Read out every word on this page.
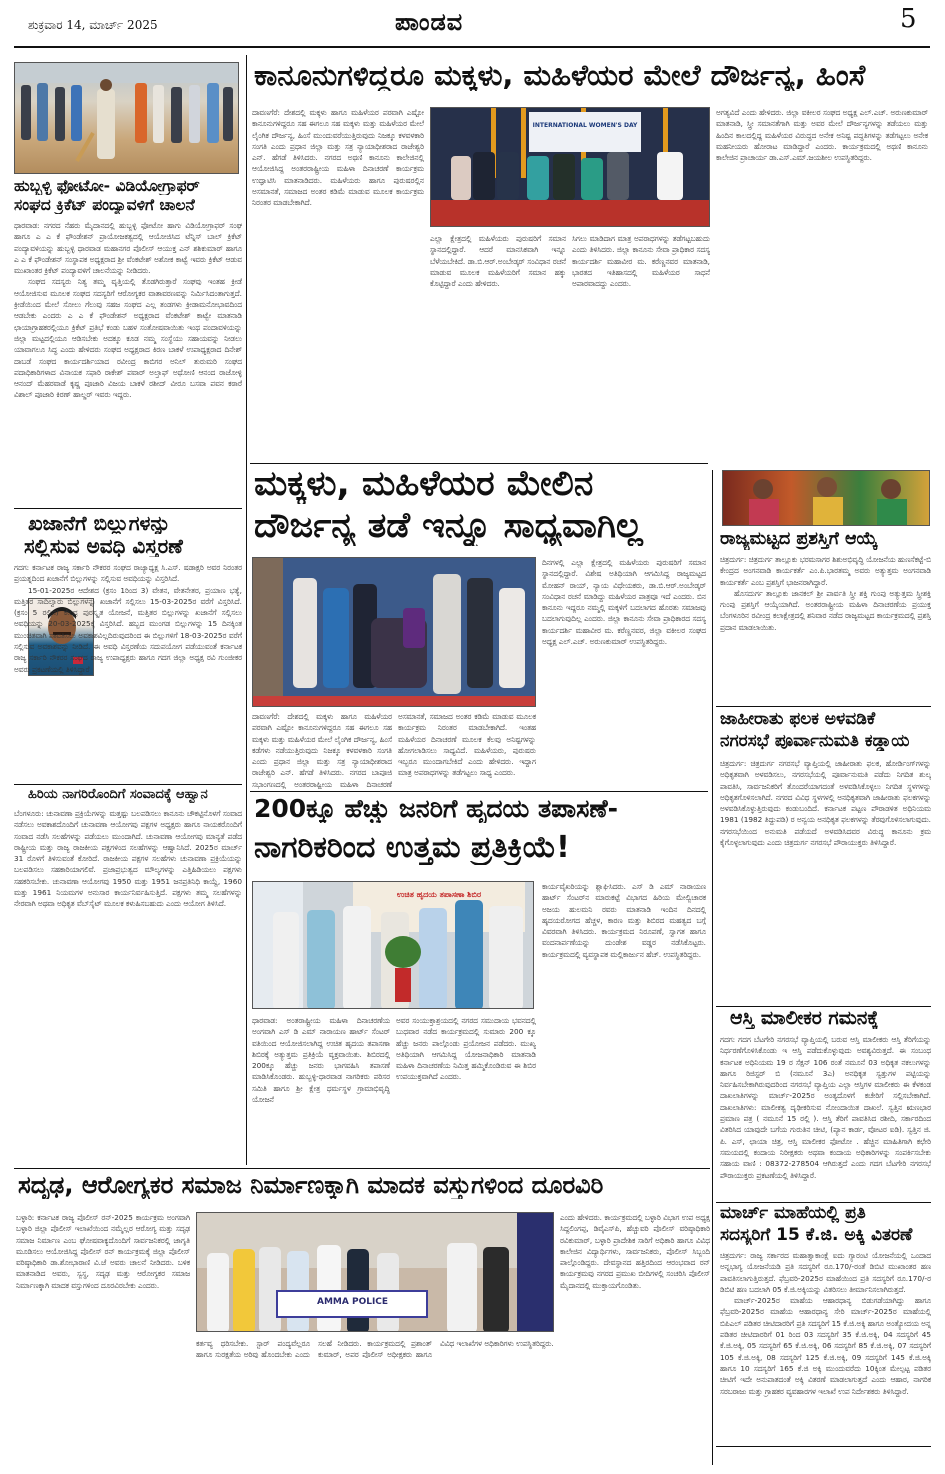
ಶುಕ್ರವಾರ 14, ಮಾರ್ಚ್ 2025	ಪಾಂಡವ	5
ಹುಬ್ಬಳ್ಳಿ ಫೋಟೋ- ವಿಡಿಯೋಗ್ರಾಫರ್
ಸಂಘದ ಕ್ರಿಕೆಟ್ ಪಂದ್ಯಾವಳಿಗೆ ಚಾಲನೆ

ಧಾರವಾಡ: ನಗರದ ನೆಹರು ಮೈದಾನದಲ್ಲಿ ಹುಬ್ಬಳ್ಳಿ ಫೋಟೋ ಹಾಗು ವಿಡಿಯೋಗ್ರಾಫರ್ ಸಂಘ ಹಾಗೂ ಎ ಎ ಕೆ ಫೌಂಡೇಶನ್ ಪ್ರಾಯೋಜಕತ್ವದಲ್ಲಿ ಆಯೋಜಿಸಿದ ಟೆನ್ನಿಸ್ ಬಾಲ್ ಕ್ರಿಕೆಟ್ ಪಂದ್ಯಾವಳಿಯನ್ನು ಹುಬ್ಬಳ್ಳಿ ಧಾರವಾಡ ಮಹಾನಗರ ಪೊಲೀಸ್ ಆಯುಕ್ತ ಎನ್ ಶಶಿಕುಮಾರ್ ಹಾಗೂ ಎ ಎ ಕೆ ಫೌಂಡೇಶನ್ ಸಂಸ್ಥಾಪಕ ಅಧ್ಯಕ್ಷರಾದ ಶ್ರೀ ವೆಂಕಟೇಶ್ ಅಶೋಕ ಕಾಟ್ವೆ ಇವರು ಕ್ರಿಕೆಟ್ ಆಡುವ ಮುಖಾಂತರ ಕ್ರಿಕೆಟ್ ಪಂದ್ಯಾವಳಿಗೆ ಚಾಲನೆಯನ್ನು ನೀಡಿದರು.

ಸಂಘದ ಸದಸ್ಯರು ನಿತ್ಯ ತಮ್ಮ ವೃತ್ತಿಯಲ್ಲಿ ತೊಡಗಿರುತ್ತಾರೆ ಸಂಘವು ಇಂತಹ ಕ್ರೀಡೆ ಆಯೋಜಿಸುವ ಮೂಲಕ ಸಂಘದ ಸದಸ್ಯರಿಗೆ ಆರೋಗ್ಯಕರ ವಾತಾವರಣವನ್ನು ನಿರ್ಮಿಸಿದಂತಾಗುತ್ತದೆ. ಕ್ರೀಡೆಯಿಂದ ಮೇಲೆ ಸೋಲು ಗೆಲುವು ಸಹಜ ಸಂಘದ ಎಲ್ಲ ತಂಡಗಳು ಕ್ರೀಡಾಮನೋಭಾವದಿಂದ ಆಡಬೇಕು ಎಂದರು ಎ ಎ ಕೆ ಫೌಂಡೇಶನ್ ಅಧ್ಯಕ್ಷರಾದ ವೆಂಕಟೇಶ್ ಕಾಟ್ವೇ ಮಾತನಾಡಿ ಛಾಯಾಗ್ರಾಹಕರಲ್ಲಿಯೂ ಕ್ರಿಕೆಟ್ ಪ್ರತಿಭೆ ಕಂಡು ಬಹಳ ಸಂತೋಷವಾಯಿತು ಇಂಥ ಪಂದಾವಳಿಯನ್ನು ಜಿಲ್ಲಾ ಮಟ್ಟದಲ್ಲಿಯೂ ಆಡಿಸಬೇಕು ಅದಕ್ಕೂ ಕೂಡ ನಮ್ಮ ಸಂಸ್ಥೆಯು ಸಹಾಯವನ್ನು ನೀಡಲು ಯಾವಾಗಲೂ ಸಿದ್ಧ ಎಂದು ಹೇಳಿದರು ಸಂಘದ ಅಧ್ಯಕ್ಷರಾದ ಕಿರಣ ಬಾಕಳೆ ಉಪಾಧ್ಯಕ್ಷರಾದ ದಿನೇಶ್ ದಾಬಡೆ ಸಂಘದ ಕಾರ್ಯದರ್ಶಿಯಾದ ರವೀಂದ್ರ ಕಾಬಿಗರ ಅನಿಲ್ ತುರುಮರಿ ಸಂಘದ ಪದಾಧಿಕಾರಿಗಳಾದ ವಿನಾಯಕ ಸಫಾರಿ ರಾಕೇಶ್ ಪವಾರ್ ಅಲ್ತಾಫ್ ಅಥೋಣಿ ಆನಂದ ರಾಜೋಳ್ಳಿ ಆನಂದ್ ಮೆಹರವಾಡೆ ಕೃಷ್ಣ ಪೂಜಾರಿ ವಿಜಯ ಬಾಕಳೆ ರಶೀದ್ ವೀರೂ ಬಸವಾ ಪವನ ಕಠಾರೆ ವಿಶಾಲ್ ಪೂಜಾರಿ ಕಿರಣ್ ಹಾಲ್ಡರ್ ಇವರು ಇದ್ದರು.

ಖಜಾನೆಗೆ ಬಿಲ್ಲುಗಳನ್ನು
ಸಲ್ಲಿಸುವ ಅವಧಿ ವಿಸ್ತರಣೆ

ಗದಗ: ಕರ್ನಾಟಕ ರಾಜ್ಯ ಸರ್ಕಾರಿ ನೌಕರರ ಸಂಘದ ರಾಜ್ಯಾಧ್ಯಕ್ಷ ಸಿ.ಎಸ್. ಷಡಾಕ್ಷರಿ ಅವರ ನಿರಂತರ ಪ್ರಯತ್ನದಿಂದ ಖಜಾನೆಗೆ ಬಿಲ್ಲುಗಳನ್ನು ಸಲ್ಲಿಸುವ ಅವಧಿಯನ್ನು ವಿಸ್ತರಿಸಿದೆ.

15-01-2025ರ ಆದೇಶದ (ಕ್ರಸಂ 1ರಿಂದ 3) ವೇತನ, ವೇತನೇತರ, ಪ್ರಯಾಣ ಭತ್ಯೆ, ಮತ್ತಿತರ ಸಾದಿಲ್ವಾರು ಬಿಲ್ಲುಗಳನ್ನು ಖಜಾನೆಗೆ ಸಲ್ಲಿಸಲು 15-03-2025ರ ವರೆಗೆ ವಿಸ್ತರಿಸಿದೆ. (ಕ್ರಸಂ 5 ರಲ್ಲಿನ) ಕೇಂದ್ರ ಪುರಸ್ಕೃತ ಯೋಜನೆ, ಮತ್ತಿತರ ಬಿಲ್ಲುಗಳನ್ನು ಖಜಾನೆಗೆ ಸಲ್ಲಿಸಲು ಅವಧಿಯನ್ನು 20-03-2025ಕ್ಕೆ ವಿಸ್ತರಿಸಿದೆ. ಹಬ್ಬದ ಮುಂಗಡ ಬಿಲ್ಲುಗಳನ್ನು 15 ದಿನಕ್ಕಿಂತ ಮುಂಚಿತವಾಗಿ ಪಾವತಿಸಲು ಅವಕಾಶವಿಲ್ಲದಿರುವುದರಿಂದ ಈ ಬಿಲ್ಲುಗಳಿಗೆ 18-03-2025ರ ವರೆಗೆ ಸಲ್ಲಿಸುವ ಅವಕಾಶವನ್ನು ನೀಡಿದೆ. ಈ ಅವಧಿ ವಿಸ್ತರಣೆಯ ಸದುಪಯೋಗ ಪಡೆಯುವಂತೆ ಕರ್ನಾಟಕ ರಾಜ್ಯ ಸರ್ಕಾರಿ ನೌಕರರ ಸಂಘದ ರಾಜ್ಯ ಉಪಾಧ್ಯಕ್ಷರು ಹಾಗೂ ಗದಗ ಜಿಲ್ಲಾ ಅಧ್ಯಕ್ಷ ರವಿ ಗುಂಜೀಕರ ಅವರು ಪ್ರಕಟಣೆಯಲ್ಲಿ ತಿಳಿಸಿದ್ದಾರೆ

ಹಿರಿಯ ನಾಗರಿರೊಂದಿಗೆ ಸಂವಾದಕ್ಕೆ ಆಹ್ವಾನ

ಬೆಂಗಳೂರು: ಚುನಾವಣಾ ಪ್ರಕ್ರಿಯೆಗಳನ್ನು ಮತ್ತಷ್ಟು ಬಲಪಡಿಸಲು ಕಾನೂನು ಚೌಕಟ್ಟಿನೊಳಗೆ ಸಂವಾದ ನಡೆಸಲು ಅವಕಾಶದೊಂದಿಗೆ ಚುನಾವಣಾ ಆಯೋಗವು ಪಕ್ಷಗಳ ಅಧ್ಯಕ್ಷರು ಹಾಗೂ ನಾಯಕರೊಂದಿಗೆ ಸಂವಾದ ನಡೆಸಿ ಸಲಹೆಗಳನ್ನು ಪಡೆಯಲು ಮುಂದಾಗಿದೆ. ಚುನಾವಣಾ ಆಯೋಗವು ಮಾನ್ಯತೆ ಪಡೆದ ರಾಷ್ಟ್ರೀಯ ಮತ್ತು ರಾಜ್ಯ ರಾಜಕೀಯ ಪಕ್ಷಗಳಿಂದ ಸಲಹೆಗಳನ್ನು ಆಹ್ವಾನಿಸಿದೆ. 2025ರ ಮಾರ್ಚ್ 31 ರೊಳಗೆ ತಿಳಿಸುವಂತೆ ಕೋರಿದೆ. ರಾಜಕೀಯ ಪಕ್ಷಗಳ ಸಲಹೆಗಳು ಚುನಾವಣಾ ಪ್ರಕ್ರಿಯೆಯನ್ನು ಬಲಪಡಿಸಲು ಸಹಕಾರಿಯಾಗಲಿವೆ. ಪ್ರಜಾಪ್ರಭುತ್ವದ ಮೌಲ್ಯಗಳನ್ನು ಎತ್ತಿಹಿಡಿಯಲು ಪಕ್ಷಗಳು ಸಹಕರಿಸಬೇಕು. ಚುನಾವಣಾ ಆಯೋಗವು 1950 ಮತ್ತು 1951 ಜನಪ್ರತಿನಿಧಿ ಕಾಯ್ದೆ, 1960 ಮತ್ತು 1961 ನಿಯಮಗಳ ಅನುಸಾರ ಕಾರ್ಯನಿರ್ವಹಿಸುತ್ತಿದೆ. ಪಕ್ಷಗಳು ತಮ್ಮ ಸಲಹೆಗಳನ್ನು ನೇರವಾಗಿ ಅಥವಾ ಅಧಿಕೃತ ವೆಬ್‌ಸೈಟ್ ಮೂಲಕ ಕಳುಹಿಸಬಹುದು ಎಂದು ಆಯೋಗ ತಿಳಿಸಿದೆ.

ಕಾನೂನುಗಳಿದ್ದರೂ ಮಕ್ಕಳು, ಮಹಿಳೆಯರ ಮೇಲೆ ದೌರ್ಜನ್ಯ, ಹಿಂಸೆ
INTERNATIONAL WOMEN'S DAY

ದಾವಣಗೆರೆ: ದೇಶದಲ್ಲಿ ಮಕ್ಕಳು ಹಾಗೂ ಮಹಿಳೆಯರ ಪರವಾಗಿ ಎಷ್ಟೋ ಕಾನೂನುಗಳಿದ್ದರೂ ಸಹ ಈಗಲೂ ಸಹ ಮಕ್ಕಳು ಮತ್ತು ಮಹಿಳೆಯರ ಮೇಲೆ ಲೈಂಗಿಕ ದೌರ್ಜನ್ಯ, ಹಿಂಸೆ ಮುಂದುವರೆಯುತ್ತಿರುವುದು ನಿಜಕ್ಕೂ ಕಳವಳಕಾರಿ ಸಂಗತಿ ಎಂದು ಪ್ರಧಾನ ಜಿಲ್ಲಾ ಮತ್ತು ಸತ್ರ ನ್ಯಾಯಾಧೀಶರಾದ ರಾಜೇಶ್ವರಿ ಎನ್. ಹೆಗಡೆ ತಿಳಿಸಿದರು. ನಗರದ ಅಥಣಿ ಕಾನೂನು ಕಾಲೇಜಿನಲ್ಲಿ ಆಯೋಜಿಸಿದ್ದ ಅಂತರರಾಷ್ಟ್ರೀಯ ಮಹಿಳಾ ದಿನಾಚರಣೆ ಕಾರ್ಯಕ್ರಮ ಉದ್ಘಾಟಿಸಿ ಮಾತನಾಡಿದರು. ಮಹಿಳೆಯರು ಹಾಗೂ ಪುರುಷರಲ್ಲಿನ ಅಸಮಾನತೆ, ಸಮಾಜದ ಅಂತರ ಕಡಿಮೆ ಮಾಡುವ ಮೂಲಕ ಕಾರ್ಯಕ್ರಮ ನಿರಂತರ ಮಾಡಬೇಕಾಗಿದೆ.

ಎಲ್ಲಾ ಕ್ಷೇತ್ರದಲ್ಲಿ ಮಹಿಳೆಯರು ಪುರುಷರಿಗೆ ಸಮಾನ ಸ್ಥಾನದಲ್ಲಿದ್ದಾರೆ. ಆದರೆ ಮಾನಸಿಕವಾಗಿ ಇನ್ನೂ ಬೆಳೆಯಬೇಕಿದೆ. ಡಾ.ಬಿ.ಆರ್.ಅಂಬೇಡ್ಕರ್ ಸಂವಿಧಾನ ರಚನೆ ಮಾಡುವ ಮೂಲಕ ಮಹಿಳೆಯರಿಗೆ ಸಮಾನ ಹಕ್ಕು ಕೊಟ್ಟಿದ್ದಾರೆ ಎಂದು ಹೇಳಿದರು.

ಸಿಗಲು ಮಾಡಿದಾಗ ಮಾತ್ರ ಅಪರಾಧಗಳನ್ನು ತಡೆಗಟ್ಟಬಹುದು ಎಂದು ತಿಳಿಸಿದರು. ಜಿಲ್ಲಾ ಕಾನೂನು ಸೇವಾ ಪ್ರಾಧಿಕಾರ ಸದಸ್ಯ ಕಾರ್ಯದರ್ಶಿ ಮಹಾವೀರ ಮ. ಕರೆಣ್ಣನವರ ಮಾತನಾಡಿ, ಭಾರತದ ಇತಿಹಾಸದಲ್ಲಿ ಮಹಿಳೆಯರ ಸಾಧನೆ ಅಪಾರವಾದದ್ದು ಎಂದರು.

ಅಗತ್ಯವಿದೆ ಎಂದು ಹೇಳಿದರು. ಜಿಲ್ಲಾ ವಕೀಲರ ಸಂಘದ ಅಧ್ಯಕ್ಷ ಎಲ್.ಎಚ್. ಅರುಣಕುಮಾರ್ ಮಾತನಾಡಿ, ಸ್ತ್ರೀ ಸಮಾನತೆಗಾಗಿ ಮತ್ತು ಅವರ ಮೇಲೆ ದೌರ್ಜನ್ಯಗಳನ್ನು ತಡೆಯಲು ಮತ್ತು ಹಿಂದಿನ ಕಾಲದಲ್ಲಿದ್ದ ಮಹಿಳೆಯರ ವಿರುದ್ಧದ ಅನೇಕ ಅನಿಷ್ಟ ಪದ್ಧತಿಗಳನ್ನು ತಡೆಗಟ್ಟಲು ಅನೇಕ ಮಹನೀಯರು ಹೋರಾಟ ಮಾಡಿದ್ದಾರೆ ಎಂದರು. ಕಾರ್ಯಕ್ರಮದಲ್ಲಿ ಅಥಣಿ ಕಾನೂನು ಕಾಲೇಜಿನ ಪ್ರಾಚಾರ್ಯ ಡಾ.ಎಸ್.ಎಮ್.ಜಯಶೀಲ ಉಪಸ್ಥಿತರಿದ್ದರು.

ಮಕ್ಕಳು, ಮಹಿಳೆಯರ ಮೇಲಿನ
ದೌರ್ಜನ್ಯ ತಡೆ ಇನ್ನೂ ಸಾಧ್ಯವಾಗಿಲ್ಲ

ದಿನಗಳಲ್ಲಿ ಎಲ್ಲಾ ಕ್ಷೇತ್ರದಲ್ಲಿ ಮಹಿಳೆಯರು ಪುರುಷರಿಗೆ ಸಮಾನ ಸ್ಥಾನದಲ್ಲಿದ್ದಾರೆ. ವಿಶೇಷ ಅತಿಥಿಯಾಗಿ ಆಗಮಿಸಿದ್ದ ರಾಜ್ಯಮಟ್ಟದ ಮೋಹನ್ ರಾಯ್, ನ್ಯಾಯ ವಿಧೇಯಕರು, ಡಾ.ಬಿ.ಆರ್.ಅಂಬೇಡ್ಕರ್ ಸಂವಿಧಾನ ರಚನೆ ಮಾಡಿದ್ದು ಮಹಿಳೆಯರ ಪಾತ್ರವೂ ಇದೆ ಎಂದರು. ಬಿನ ಕಾನೂನು ಇದ್ದರೂ ನಮ್ಮಲ್ಲಿ ಮಕ್ಕಳಿಗೆ ಬದಲಾಗದ ಹೊರತು ಸಮಾಜವು ಬದಲಾಗುವುದಿಲ್ಲ ಎಂದರು. ಜಿಲ್ಲಾ ಕಾನೂನು ಸೇವಾ ಪ್ರಾಧಿಕಾರದ ಸದಸ್ಯ ಕಾರ್ಯದರ್ಶಿ ಮಹಾವೀರ ಮ. ಕರೆಣ್ಣನವರ, ಜಿಲ್ಲಾ ವಕೀಲರ ಸಂಘದ ಅಧ್ಯಕ್ಷ ಎಲ್.ಎಚ್. ಅರುಣಕುಮಾರ್ ಉಪಸ್ಥಿತರಿದ್ದರು.

ದಾವಣಗೆರೆ: ದೇಶದಲ್ಲಿ ಮಕ್ಕಳು ಹಾಗೂ ಮಹಿಳೆಯರ ಪರವಾಗಿ ಎಷ್ಟೋ ಕಾನೂನುಗಳಿದ್ದರೂ ಸಹ ಈಗಲೂ ಸಹ ಮಕ್ಕಳು ಮತ್ತು ಮಹಿಳೆಯರ ಮೇಲೆ ಲೈಂಗಿಕ ದೌರ್ಜನ್ಯ, ಹಿಂಸೆ ಕಡೆಗಳು ನಡೆಯುತ್ತಿರುವುದು ನಿಜಕ್ಕೂ ಕಳವಳಕಾರಿ ಸಂಗತಿ ಎಂದು ಪ್ರಧಾನ ಜಿಲ್ಲಾ ಮತ್ತು ಸತ್ರ ನ್ಯಾಯಾಧೀಶರಾದ ರಾಜೇಶ್ವರಿ ಎನ್. ಹೆಗಡೆ ತಿಳಿಸಿದರು. ನಗರದ ಬಾಪೂಜಿ ಸಭಾಂಗಣದಲ್ಲಿ ಅಂತರರಾಷ್ಟ್ರೀಯ ಮಹಿಳಾ ದಿನಾಚರಣೆ

ಅಸಮಾನತೆ, ಸಮಾಜದ ಅಂತರ ಕಡಿಮೆ ಮಾಡುವ ಮೂಲಕ ಕಾರ್ಯಕ್ರಮ ನಿರಂತರ ಮಾಡಬೇಕಾಗಿದೆ. ಇಂತಹ ಮಹಿಳೆಯರ ದಿನಾಚರಣೆ ಮೂಲಕ ಕೆಲವು ಅನಿಷ್ಟಗಳನ್ನು ಹೋಗಲಾಡಿಸಲು ಸಾಧ್ಯವಿದೆ. ಮಹಿಳೆಯರು, ಪುರುಷರು ಇಬ್ಬರೂ ಮುಂದಾಗಬೇಕಿದೆ ಎಂದು ಹೇಳಿದರು. ಇದ್ದಾಗ ಮಾತ್ರ ಅಪರಾಧಗಳನ್ನು ತಡೆಗಟ್ಟಲು ಸಾಧ್ಯ ಎಂದರು.

ರಾಜ್ಯಮಟ್ಟದ ಪ್ರಶಸ್ತಿಗೆ ಆಯ್ಕೆ

ಚಿತ್ರದುರ್ಗ: ಚಿತ್ರದುರ್ಗ ತಾಲ್ಲೂಕು ಭರಮಸಾಗರ ಶಿಶುಅಭಿವೃದ್ಧಿ ಯೋಜನೆಯ ಹುಣಸೆಕಟ್ಟೆ-ಬಿ ಕೇಂದ್ರದ ಅಂಗನವಾಡಿ ಕಾರ್ಯಕರ್ತೆ ಎಂ.ಪಿ.ಭಾರತಮ್ಮ ಅವರು ಅತ್ಯುತ್ತಮ ಅಂಗನವಾಡಿ ಕಾರ್ಯಕರ್ತೆ ಎಂಬ ಪ್ರಶಸ್ತಿಗೆ ಭಾಜನರಾಗಿದ್ದಾರೆ.

ಹೊಸದುರ್ಗ ತಾಲ್ಲೂಕು ಜಾನಕಲ್ ಶ್ರೀ ಪಾರ್ವತಿ ಸ್ತ್ರೀ ಶಕ್ತಿ ಗುಂಪು ಅತ್ಯುತ್ತಮ ಸ್ತ್ರೀಶಕ್ತಿ ಗುಂಪು ಪ್ರಶಸ್ತಿಗೆ ಆಯ್ಕೆಯಾಗಿದೆ. ಅಂತರರಾಷ್ಟ್ರೀಯ ಮಹಿಳಾ ದಿನಾಚರಣೆಯ ಪ್ರಯುಕ್ತ ಬೆಂಗಳೂರಿನ ರವೀಂದ್ರ ಕಲಾಕ್ಷೇತ್ರದಲ್ಲಿ ಶನಿವಾರ ನಡೆದ ರಾಜ್ಯಮಟ್ಟದ ಕಾರ್ಯಕ್ರಮದಲ್ಲಿ ಪ್ರಶಸ್ತಿ ಪ್ರದಾನ ಮಾಡಲಾಯಿತು.

ಜಾಹೀರಾತು ಫಲಕ ಅಳವಡಿಕೆ
ನಗರಸಭೆ ಪೂರ್ವಾನುಮತಿ ಕಡ್ಡಾಯ

ಚಿತ್ರದುರ್ಗ: ಚಿತ್ರದುರ್ಗ ನಗರಸಭೆ ವ್ಯಾಪ್ತಿಯಲ್ಲಿ ಜಾಹೀರಾತು ಫಲಕ, ಹೋರ್ಡಿಂಗ್‌ಗಳನ್ನು ಅಧಿಕೃತವಾಗಿ ಅಳವಡಿಸಲು, ನಗರಸಭೆಯಲ್ಲಿ ಪೂರ್ವಾನುಮತಿ ಪಡೆದು ನಿಗದಿತ ಶುಲ್ಕ ಪಾವತಿಸಿ, ಸಾರ್ವಜನಿಕರಿಗೆ ತೊಂದರೆಯಾಗದಂತೆ ಅಳವಡಿಸಿಕೊಳ್ಳಲು ನಿಗದಿತ ಸ್ಥಳಗಳನ್ನು ಅಧಿಕೃತಗೊಳಿಸಲಾಗಿದೆ. ನಗರದ ವಿವಿಧ ಸ್ಥಳಗಳಲ್ಲಿ ಅನಧಿಕೃತವಾಗಿ ಜಾಹೀರಾತು ಫಲಕಗಳನ್ನು ಅಳವಡಿಸಿಕೊಳ್ಳುತ್ತಿರುವುದು ಕಂಡುಬಂದಿದೆ. ಕರ್ನಾಟಕ ಪಟ್ಟಣ ಪೌರಾಡಳಿತ ಅಧಿನಿಯಮ 1981 (1982 ತಿದ್ದುಪಡಿ) ರ ಅನ್ವಯ ಅನಧಿಕೃತ ಫಲಕಗಳನ್ನು ತೆರವುಗೊಳಿಸಲಾಗುವುದು. ನಗರಸಭೆಯಿಂದ ಅನುಮತಿ ಪಡೆಯದೆ ಅಳವಡಿಸಿದವರ ವಿರುದ್ಧ ಕಾನೂನು ಕ್ರಮ ಕೈಗೊಳ್ಳಲಾಗುವುದು ಎಂದು ಚಿತ್ರದುರ್ಗ ನಗರಸಭೆ ಪೌರಾಯುಕ್ತರು ತಿಳಿಸಿದ್ದಾರೆ.

ಆಸ್ತಿ ಮಾಲೀಕರ ಗಮನಕ್ಕೆ

ಗದಗ: ಗದಗ ಬೆಟಗೇರಿ ನಗರಸಭೆ ವ್ಯಾಪ್ತಿಯಲ್ಲಿ ಬರುವ ಆಸ್ತಿ ಮಾಲೀಕರು ಆಸ್ತಿ ತೆರಿಗೆಯನ್ನು ನಿರ್ಧರಣೆಗೊಳಿಸಿಕೊಂಡು ಇ ಆಸ್ತಿ ಪಡೆದುಕೊಳ್ಳುವುದು ಅವಶ್ಯವಿರುತ್ತದೆ. ಈ ಸಂಬಂಧ ಕರ್ನಾಟಕ ಅಧಿನಿಯಮ 19 ರ ಸೆಕ್ಷನ್ 106 ರಂತೆ ನಮೂನೆ 03 ಅಧಿಕೃತ ನಕಲುಗಳನ್ನು ಹಾಗೂ ರಿಜಿಸ್ಟರ್ ಬಿ (ನಮೂನೆ 3ಎ) ಅನಧಿಕೃತ ಸ್ವತ್ತುಗಳ ಪಟ್ಟಿಯನ್ನು ನಿರ್ವಹಿಸಬೇಕಾಗಿರುವುದರಿಂದ ನಗರಸಭೆ ವ್ಯಾಪ್ತಿಯ ಎಲ್ಲಾ ಆಸ್ತಿಗಳ ಮಾಲೀಕರು ಈ ಕೆಳಕಂಡ ದಾಖಲಾತಿಗಳನ್ನು ಮಾರ್ಚ್-2025ರ ಅಂತ್ಯದೊಳಗೆ ಕಚೇರಿಗೆ ಸಲ್ಲಿಸಬೇಕಾಗಿದೆ. ದಾಖಲಾತಿಗಳು: ಮಾಲೀಕತ್ವ ದೃಢೀಕರಿಸುವ ನೋಂದಾಯಿತ ದಾಖಲೆ. ಸ್ವತ್ತಿನ ಋಣಭಾರ ಪ್ರಮಾಣ ಪತ್ರ ( ನಮೂನೆ 15 ರಲ್ಲಿ ). ಆಸ್ತಿ ತೆರಿಗೆ ಪಾವತಿಸಿದ ರಶೀದಿ, ಸರ್ಕಾರದಿಂದ ವಿತರಿಸಿದ ಯಾವುದೇ ಬಗೆಯ ಗುರುತಿನ ಚೀಟಿ, (ಪ್ಯಾನ ಕಾರ್ಡ, ವೋಟರ ಐಡಿ). ಸ್ವತ್ತಿನ ಜಿ. ಪಿ. ಎಸ್, ಛಾಯಾ ಚಿತ್ರ, ಆಸ್ತಿ ಮಾಲೀಕರ ಫೋಟೋ . ಹೆಚ್ಚಿನ ಮಾಹಿತಿಗಾಗಿ ಕಛೇರಿ ಸಮಯದಲ್ಲಿ ಕಂದಾಯ ನಿರೀಕ್ಷಕರು ಅಥವಾ ಕಂದಾಯ ಅಧಿಕಾರಿಗಳನ್ನು ಸಂಪರ್ಕಿಸಬೇಕು ಸಹಾಯ ವಾಣಿ : 08372-278504 ಆಗಿರುತ್ತದೆ ಎಂದು ಗದಗ ಬೆಟಗೇರಿ ನಗರಸಭೆ ಪೌರಾಯುಕ್ತರು ಪ್ರಕಟಣೆಯಲ್ಲಿ ತಿಳಿಸಿದ್ದಾರೆ.

ಮಾರ್ಚ್ ಮಾಹೆಯಲ್ಲಿ ಪ್ರತಿ
ಸದಸ್ಯರಿಗೆ 15 ಕೆ.ಜಿ. ಅಕ್ಕಿ ವಿತರಣೆ

ಚಿತ್ರದುರ್ಗ: ರಾಜ್ಯ ಸರ್ಕಾರದ ಮಹಾತ್ವಾಕಾಂಕ್ಷೆ ಐದು ಗ್ಯಾರಂಟಿ ಯೋಜನೆಯಲ್ಲಿ ಒಂದಾದ ಅನ್ನಭಾಗ್ಯ ಯೋಜನೆಯಡಿ ಪ್ರತಿ ಸದಸ್ಯರಿಗೆ ರೂ.170/-ರಂತೆ ಡಿಬಿಟಿ ಮುಖಾಂತರ ಹಣ ಪಾವತಿಸಲಾಗುತ್ತಿರುತ್ತದೆ. ಫೆಬ್ರವರಿ-2025ರ ಮಾಹೆಯಿಂದ ಪ್ರತಿ ಸದಸ್ಯರಿಗೆ ರೂ.170/-ರ ಡಿಬಿಟಿ ಹಣ ಬದಲಾಗಿ 05 ಕೆ.ಜಿ.ಅಕ್ಕಿಯನ್ನು ವಿತರಿಸಲು ತೀರ್ಮಾನಿಸಲಾಗಿರುತ್ತದೆ.

ಮಾರ್ಚ್-2025ರ ಮಾಹೆಯ ಆಹಾರಧಾನ್ಯ ಬಿಡುಗಡೆಯಾಗಿದ್ದು ಹಾಗೂ ಫೆಬ್ರವರಿ-2025ರ ಮಾಹೆಯ ಆಹಾರಧಾನ್ಯ ಸೇರಿ ಮಾರ್ಚ್-2025ರ ಮಾಹೆಯಲ್ಲಿ ಬಿಪಿಎಲ್ ಪಡಿತರ ಚೀಟಿದಾರರಿಗೆ ಪ್ರತಿ ಸದಸ್ಯರಿಗೆ 15 ಕೆ.ಜಿ.ಅಕ್ಕಿ ಹಾಗೂ ಅಂತ್ಯೋದಯ ಅನ್ನ ಪಡಿತರ ಚೀಟಿದಾರರಿಗೆ 01 ರಿಂದ 03 ಸದಸ್ಯರಿಗೆ 35 ಕೆ.ಜಿ.ಅಕ್ಕಿ, 04 ಸದಸ್ಯರಿಗೆ 45 ಕೆ.ಜಿ.ಅಕ್ಕಿ, 05 ಸದಸ್ಯರಿಗೆ 65 ಕೆ.ಜಿ.ಅಕ್ಕಿ, 06 ಸದಸ್ಯರಿಗೆ 85 ಕೆ.ಜಿ.ಅಕ್ಕಿ, 07 ಸದಸ್ಯರಿಗೆ 105 ಕೆ.ಜಿ.ಅಕ್ಕಿ, 08 ಸದಸ್ಯರಿಗೆ 125 ಕೆ.ಜಿ.ಅಕ್ಕಿ, 09 ಸದಸ್ಯರಿಗೆ 145 ಕೆ.ಜಿ.ಅಕ್ಕಿ ಹಾಗೂ 10 ಸದಸ್ಯರಿಗೆ 165 ಕೆ.ಜಿ ಅಕ್ಕಿ ಮುಂದುವರೆದು 10ಕ್ಕಿಂತ ಮೇಲ್ಪಟ್ಟ ಪಡಿತರ ಚೀಟಿಗೆ ಇದೇ ಅನುಪಾತದಂತೆ ಅಕ್ಕಿ ವಿತರಣೆ ಮಾಡಲಾಗುತ್ತದೆ ಎಂದು ಆಹಾರ, ನಾಗರಿಕ ಸರಬರಾಜು ಮತ್ತು ಗ್ರಾಹಕರ ವ್ಯವಹಾರಗಳ ಇಲಾಖೆ ಉಪ ನಿರ್ದೇಶಕರು ತಿಳಿಸಿದ್ದಾರೆ.

200ಕ್ಕೂ ಹೆಚ್ಚು ಜನರಿಗೆ ಹೃದಯ ತಪಾಸಣೆ-
ನಾಗರಿಕರಿಂದ ಉತ್ತಮ ಪ್ರತಿಕ್ರಿಯೆ!
ಉಚಿತ ಹೃದಯ ತಪಾಸಣಾ ಶಿಬಿರ

ಕಾರ್ಯವೈಖರಿಯನ್ನು ಶ್ಲಾಘಿಸಿದರು. ಎಸ್ ಡಿ ಎಮ್ ನಾರಾಯಣ ಹಾರ್ಟ್ ಸೆಂಟರ್‌ನ ಮಾರುಕಟ್ಟೆ ವಿಭಾಗದ ಹಿರಿಯ ಮೇಲ್ವಿಚಾರಕ ಅಜಯ ಹುಲಮನಿ ರವರು ಮಾತನಾಡಿ ಇಂದಿನ ದಿನದಲ್ಲಿ ಹೃದಯರೋಗದ ಹೆಚ್ಚಳ, ಕಾರಣ ಮತ್ತು ಶಿಬಿರದ ಮಹತ್ವದ ಬಗ್ಗೆ ವಿವರವಾಗಿ ತಿಳಿಸಿದರು. ಕಾರ್ಯಕ್ರಮದ ನಿರೂಪಣೆ, ಸ್ವಾಗತ ಹಾಗೂ ವಂದನಾರ್ಪಣೆಯನ್ನು ದುಂಡೇಶ ವಡ್ಡರ ನಡೆಸಿಕೊಟ್ಟರು. ಕಾರ್ಯಕ್ರಮದಲ್ಲಿ ವ್ಯವಸ್ಥಾಪಕ ಮಲ್ಲಿಕಾರ್ಜುನ ಹೆಚ್. ಉಪಸ್ಥಿತರಿದ್ದರು.

ಧಾರವಾಡ: ಅಂತರಾಷ್ಟ್ರೀಯ ಮಹಿಳಾ ದಿನಾಚರಣೆಯ ಅಂಗವಾಗಿ ಎಸ್ ಡಿ ಎಮ್ ನಾರಾಯಣ ಹಾರ್ಟ್ ಸೆಂಟರ್ ವತಿಯಿಂದ ಆಯೋಜಿಸಲಾಗಿದ್ದ ಉಚಿತ ಹೃದಯ ತಪಾಸಣಾ ಶಿಬಿರಕ್ಕೆ ಅತ್ಯುತ್ತಮ ಪ್ರತಿಕ್ರಿಯೆ ವ್ಯಕ್ತವಾಯಿತು. ಶಿಬಿರದಲ್ಲಿ 200ಕ್ಕೂ ಹೆಚ್ಚು ಜನರು ಭಾಗವಹಿಸಿ ತಪಾಸಣೆ ಮಾಡಿಸಿಕೊಂಡರು. ಹುಬ್ಬಳ್ಳಿ-ಧಾರವಾಡ ನಾಗರಿಕರು ಪರಿಸರ ಸಮಿತಿ ಹಾಗೂ ಶ್ರೀ ಕ್ಷೇತ್ರ ಧರ್ಮಸ್ಥಳ ಗ್ರಾಮಾಭಿವೃದ್ಧಿ ಯೋಜನೆ

ಅವರ ಸಂಯುಕ್ತಾಶ್ರಯದಲ್ಲಿ ನಗರದ ಸಮುದಾಯ ಭವನದಲ್ಲಿ ಬುಧವಾರ ನಡೆದ ಕಾರ್ಯಕ್ರಮದಲ್ಲಿ ಸುಮಾರು 200 ಕ್ಕೂ ಹೆಚ್ಚು ಜನರು ಪಾಲ್ಗೊಂಡು ಪ್ರಯೋಜನ ಪಡೆದರು. ಮುಖ್ಯ ಅತಿಥಿಯಾಗಿ ಆಗಮಿಸಿದ್ದ ಯೋಜನಾಧಿಕಾರಿ ಮಾತನಾಡಿ ಮಹಿಳಾ ದಿನಾಚರಣೆಯ ನಿಮಿತ್ತ ಹಮ್ಮಿಕೊಂಡಿರುವ ಈ ಶಿಬಿರ ಉಪಯುಕ್ತವಾಗಿದೆ ಎಂದರು.

ಸದೃಢ, ಆರೋಗ್ಯಕರ ಸಮಾಜ ನಿರ್ಮಾಣಕ್ಕಾಗಿ ಮಾದಕ ವಸ್ತುಗಳಿಂದ ದೂರವಿರಿ
AMMA POLICE

ಬಳ್ಳಾರಿ: ಕರ್ನಾಟಕ ರಾಜ್ಯ ಪೊಲೀಸ್ ರನ್-2025 ಕಾರ್ಯಕ್ರಮ ಅಂಗವಾಗಿ ಬಳ್ಳಾರಿ ಜಿಲ್ಲಾ ಪೊಲೀಸ್ ಇಲಾಖೆಯಿಂದ ನಮ್ಮೆಲ್ಲರ ಆರೋಗ್ಯ ಮತ್ತು ಸದೃಢ ಸಮಾಜ ನಿರ್ಮಾಣ ಎಂಬ ಘೋಷವಾಕ್ಯದೊಂದಿಗೆ ಸಾರ್ವಜನಿಕರಲ್ಲಿ ಜಾಗೃತಿ ಮೂಡಿಸಲು ಆಯೋಜಿಸಿದ್ದ ಪೊಲೀಸ್ ರನ್ ಕಾರ್ಯಕ್ರಮಕ್ಕೆ ಜಿಲ್ಲಾ ಪೊಲೀಸ್ ವರಿಷ್ಠಾಧಿಕಾರಿ ಡಾ.ಶೋಭಾರಾಣಿ ವಿ.ಜೆ ಅವರು ಚಾಲನೆ ನೀಡಿದರು. ಬಳಿಕ ಮಾತನಾಡಿದ ಅವರು, ಸ್ವಸ್ಥ, ಸದೃಢ ಮತ್ತು ಆರೋಗ್ಯಕರ ಸಮಾಜ ನಿರ್ಮಾಣಕ್ಕಾಗಿ ಮಾದಕ ವಸ್ತುಗಳಿಂದ ದೂರವಿರಬೇಕು ಎಂದರು.

ಕರ್ತವ್ಯ ಧರಿಸಬೇಕು. ಸ್ಟಾರ್ ಪಂದ್ಯವೆಲ್ಲರೂ ಹಾಗೂ ಸುರಕ್ಷತೆಯ ಅರಿವು ಹೊಂದಬೇಕು ಎಂದು ಸಲಹೆ ನೀಡಿದರು. ಕಾರ್ಯಕ್ರಮದಲ್ಲಿ ಪ್ರಶಾಂತ್ ಕುಮಾರ್, ಅಪರ ಪೊಲೀಸ್ ಅಧೀಕ್ಷಕರು ಹಾಗೂ ವಿವಿಧ ಇಲಾಖೆಗಳ ಅಧಿಕಾರಿಗಳು ಉಪಸ್ಥಿತರಿದ್ದರು.

ಎಂದು ಹೇಳಿದರು. ಕಾರ್ಯಕ್ರಮದಲ್ಲಿ ಬಳ್ಳಾರಿ ವಿಭಾಗ ಉಪ ಅಧ್ಯಕ್ಷ ಸಿದ್ದಲಿಂಗಪ್ಪ, ಡಿವೈಎಸ್‌ಪಿ, ಹೆಚ್ಚುವರಿ ಪೊಲೀಸ್ ವರಿಷ್ಠಾಧಿಕಾರಿ ರವಿಕುಮಾರ್, ಬಳ್ಳಾರಿ ಪ್ರಾದೇಶಿಕ ಸಾರಿಗೆ ಅಧಿಕಾರಿ ಹಾಗೂ ವಿವಿಧ ಕಾಲೇಜಿನ ವಿದ್ಯಾರ್ಥಿಗಳು, ಸಾರ್ವಜನಿಕರು, ಪೊಲೀಸ್ ಸಿಬ್ಬಂದಿ ಪಾಲ್ಗೊಂಡಿದ್ದರು. ದೇವಸ್ಥಾನದ ಹತ್ತಿರದಿಂದ ಆರಂಭವಾದ ರನ್ ಕಾರ್ಯಕ್ರಮವು ನಗರದ ಪ್ರಮುಖ ಬೀದಿಗಳಲ್ಲಿ ಸಂಚರಿಸಿ ಪೊಲೀಸ್ ಮೈದಾನದಲ್ಲಿ ಮುಕ್ತಾಯಗೊಂಡಿತು.
